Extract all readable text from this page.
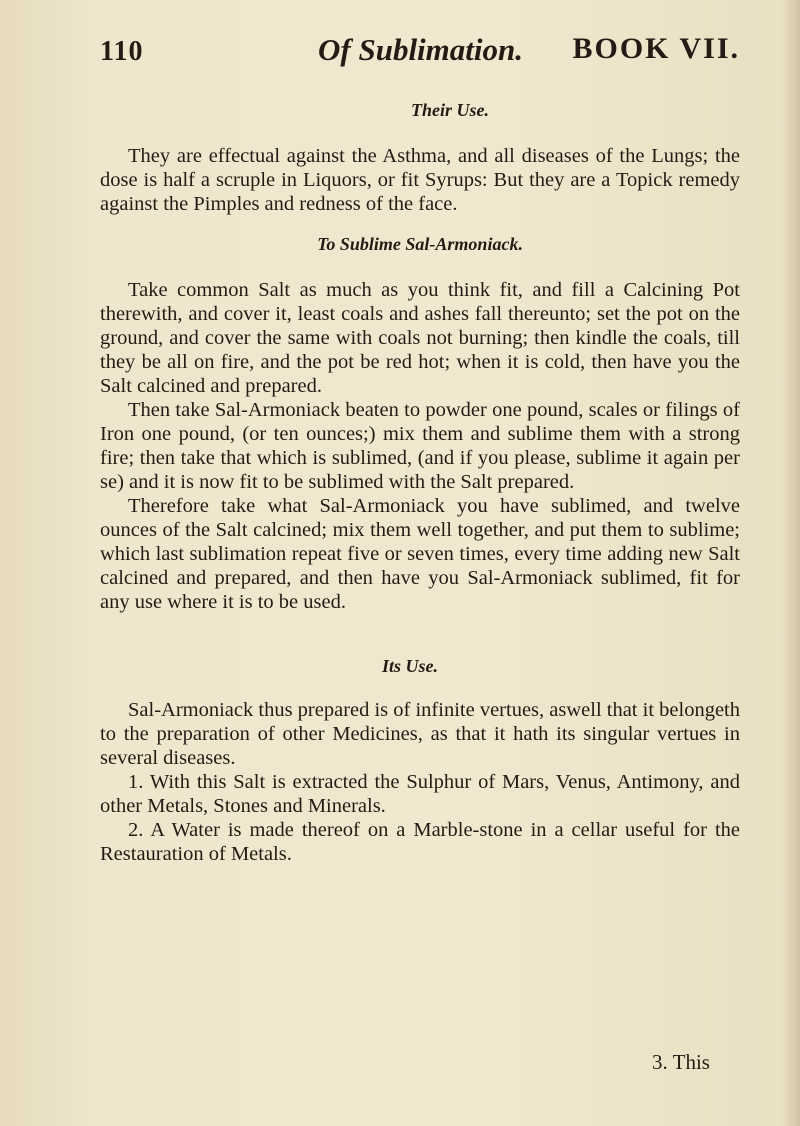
110	Of Sublimation. BOOK VII.
Their Use.

They are effectual against the Asthma, and all diseases of the Lungs; the dose is half a scruple in Liquors, or fit Syrups: But they are a Topick remedy against the Pimples and redness of the face.

To Sublime Sal-Armoniack.

Take common Salt as much as you think fit, and fill a Calcining Pot therewith, and cover it, least coals and ashes fall thereunto; set the pot on the ground, and cover the same with coals not burning; then kindle the coals, till they be all on fire, and the pot be red hot; when it is cold, then have you the Salt calcined and prepared.

Then take Sal-Armoniack beaten to powder one pound, scales or filings of Iron one pound, (or ten ounces;) mix them and sublime them with a strong fire; then take that which is sublimed, (and if you please, sublime it again per se) and it is now fit to be sublimed with the Salt prepared.

Therefore take what Sal-Armoniack you have sublimed, and twelve ounces of the Salt calcined; mix them well together, and put them to sublime; which last sublimation repeat five or seven times, every time adding new Salt calcined and prepared, and then have you Sal-Armoniack sublimed, fit for any use where it is to be used.

Its Use.

Sal-Armoniack thus prepared is of infinite vertues, aswell that it belongeth to the preparation of other Medicines, as that it hath its singular vertues in several diseases.

1. With this Salt is extracted the Sulphur of Mars, Venus, Antimony, and other Metals, Stones and Minerals.

2. A Water is made thereof on a Marble-stone in a cellar useful for the Restauration of Metals.

3. This
